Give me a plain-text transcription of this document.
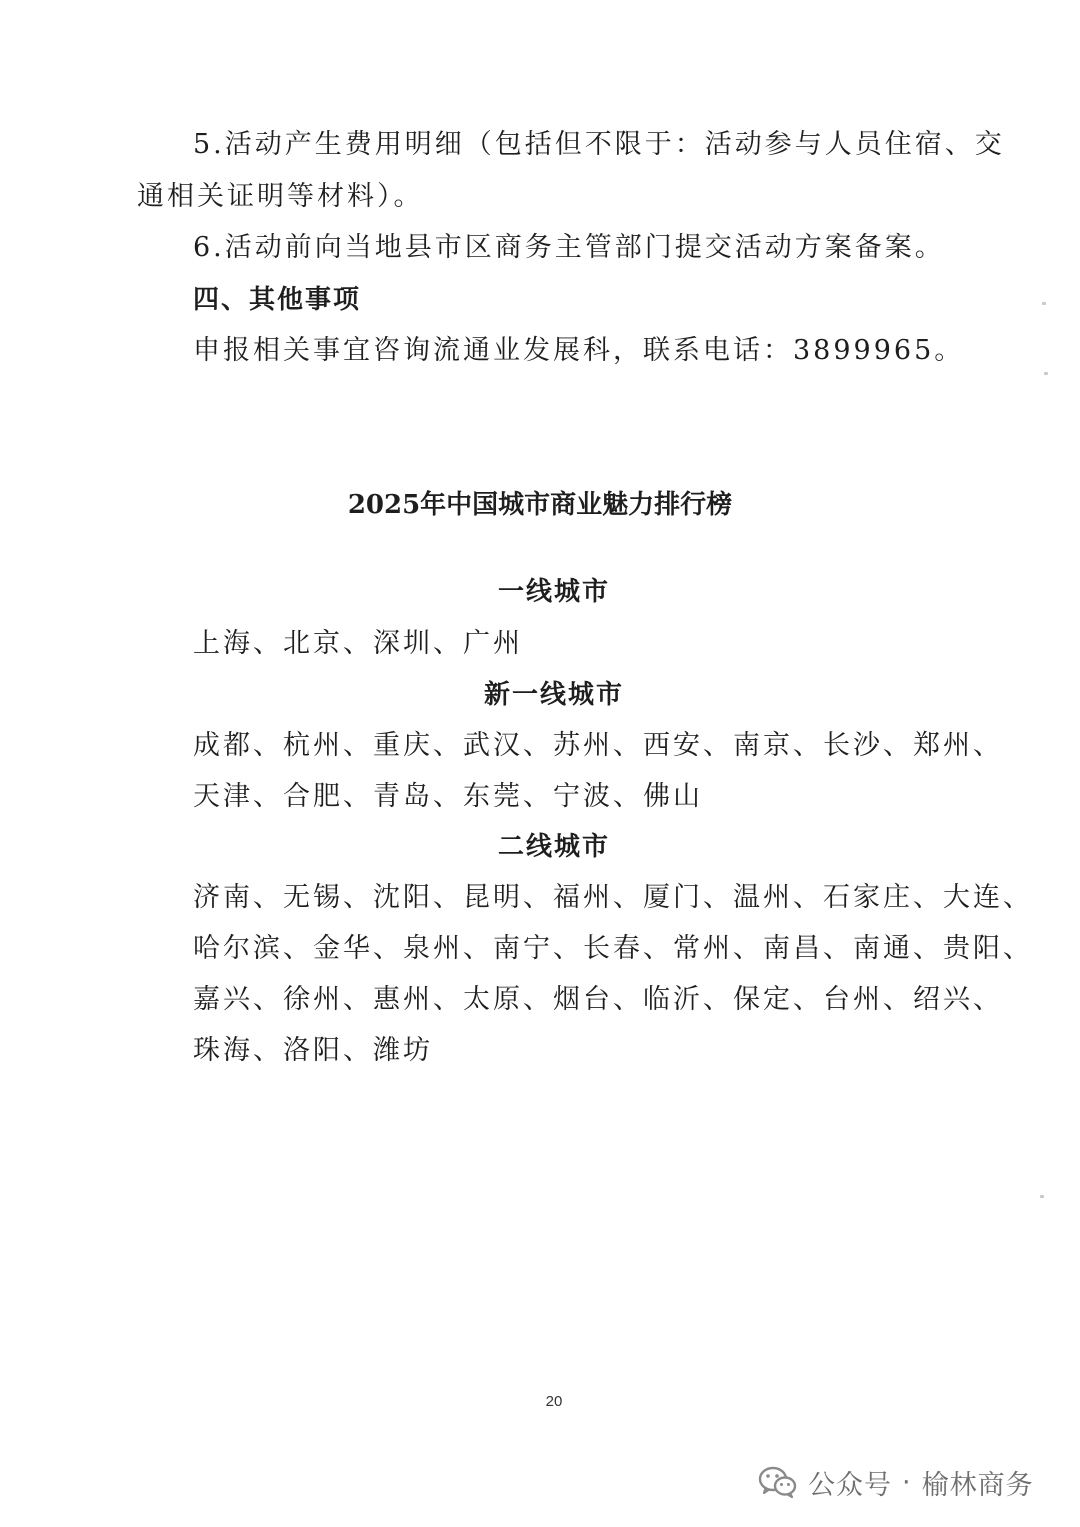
5.活动产生费用明细（包括但不限于：活动参与人员住宿、交
通相关证明等材料）。
6.活动前向当地县市区商务主管部门提交活动方案备案。
四、其他事项
申报相关事宜咨询流通业发展科，联系电话：3899965。
2025年中国城市商业魅力排行榜
一线城市
上海、北京、深圳、广州
新一线城市
成都、杭州、重庆、武汉、苏州、西安、南京、长沙、郑州、
天津、合肥、青岛、东莞、宁波、佛山
二线城市
济南、无锡、沈阳、昆明、福州、厦门、温州、石家庄、大连、
哈尔滨、金华、泉州、南宁、长春、常州、南昌、南通、贵阳、
嘉兴、徐州、惠州、太原、烟台、临沂、保定、台州、绍兴、
珠海、洛阳、潍坊
20
公众号 · 榆林商务
